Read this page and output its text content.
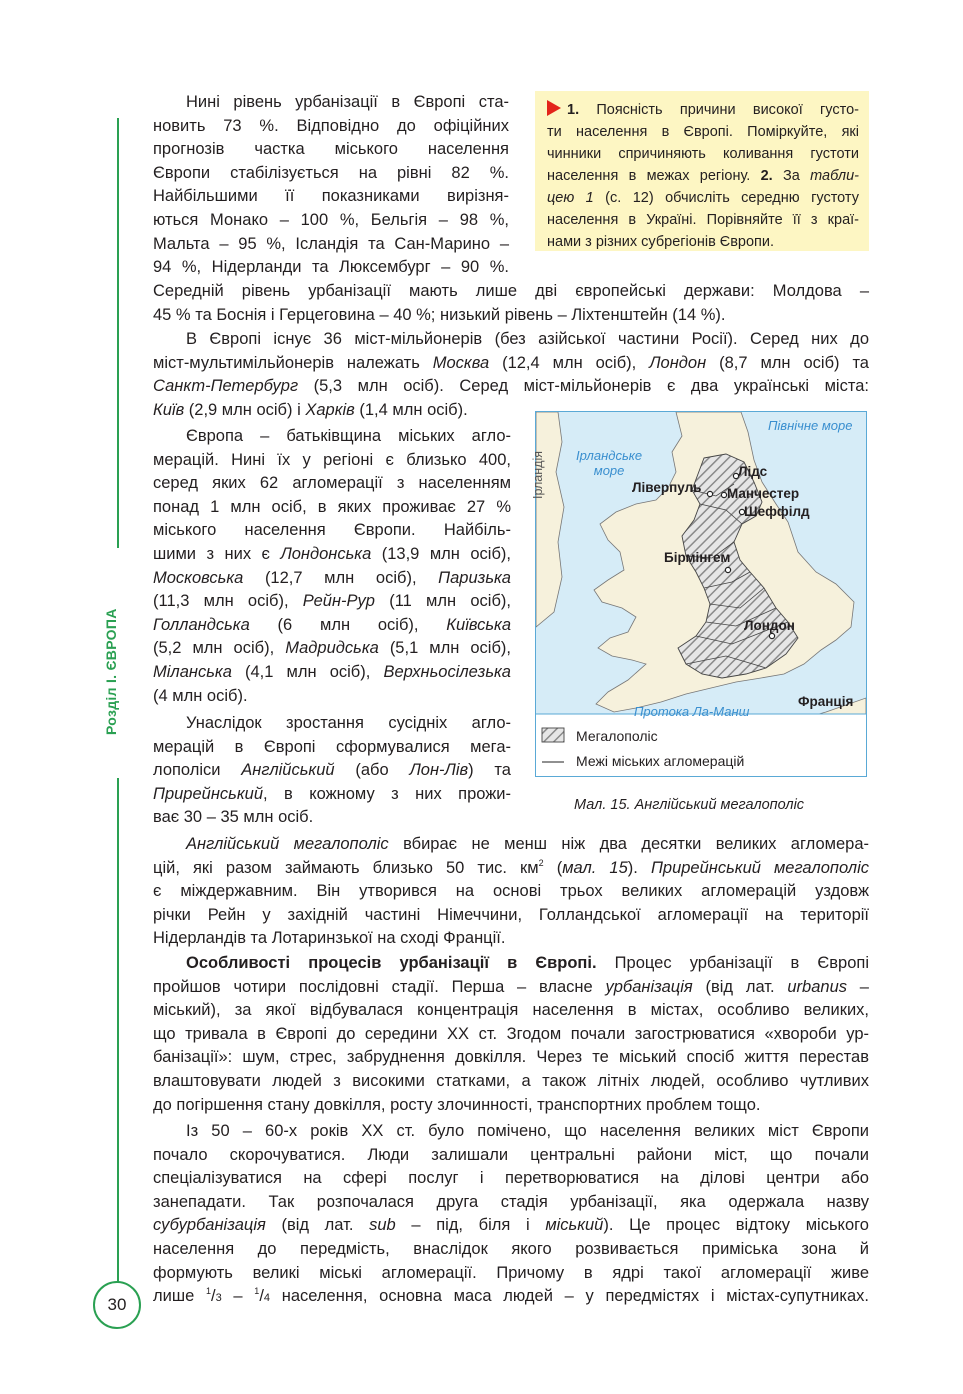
Розділ І. ЄВРОПА
30
1. Поясність причини високої густо-
ти населення в Європі. Поміркуйте, які
чинники спричиняють коливання густоти
населення в межах регіону. 2. За табли-
цею 1 (с. 12) обчисліть середню густоту
населення в Україні. Порівняйте її з краї-
нами з різних субрегіонів Європи.
Нині рівень урбанізації в Європі ста-
новить 73 %. Відповідно до офіційних
прогнозів частка міського населення
Європи стабілізується на рівні 82 %.
Найбільшими її показниками вирізня-
ються Монако – 100 %, Бельгія – 98 %,
Мальта – 95 %, Ісландія та Сан-Марино –
94 %, Нідерланди та Люксембург – 90 %.
Середній рівень урбанізації мають лише дві європейські держави: Молдова –
45 % та Боснія і Герцеговина – 40 %; низький рівень – Ліхтенштейн (14 %).
В Європі існує 36 міст-мільйонерів (без азійської частини Росії). Серед них до
міст-мультимільйонерів належать Москва (12,4 млн осіб), Лондон (8,7 млн осіб) та
Санкт-Петербург (5,3 млн осіб). Серед міст-мільйонерів є два українські міста:
Київ (2,9 млн осіб) і Харків (1,4 млн осіб).
Європа – батьківщина міських агло-
мерацій. Нині їх у регіоні є близько 400,
серед яких 62 агломерації з населенням
понад 1 млн осіб, в яких проживає 27 %
міського населення Європи. Найбіль-
шими з них є Лондонська (13,9 млн осіб),
Московська (12,7 млн осіб), Паризька
(11,3 млн осіб), Рейн-Рур (11 млн осіб),
Голландська (6 млн осіб), Київська
(5,2 млн осіб), Мадридська (5,1 млн осіб),
Міланська (4,1 млн осіб), Верхньосілезька
(4 млн осіб).
Унаслідок зростання сусідніх агло-
мерацій в Європі сформувалися мега-
лополіси Англійський (або Лон-Лів) та
Прирейнський, в кожному з них прожи-
ває 30 – 35 млн осіб.
Північне море
Ірландське
море
Ірландія
Протока Ла-Манш
Франція
Лідс
Ліверпуль Манчестер
Шеффілд
Бірмінгем
Лондон
Мегалополіс
Межі міських агломерацій
Мал. 15. Англійський мегалополіс
Англійський мегалополіс вбирає не менш ніж два десятки великих агломера-
цій, які разом займають близько 50 тис. $км^2$ (мал. 15). Прирейнський мегалополіс
є міждержавним. Він утворився на основі трьох великих агломерацій уздовж
річки Рейн у західній частині Німеччини, Голландської агломерації на території
Нідерландів та Лотаринзької на сході Франції.
Особливості процесів урбанізації в Європі. Процес урбанізації в Європі
пройшов чотири послідовні стадії. Перша – власне урбанізація (від лат. urbanus –
міський), за якої відбувалася концентрація населення в містах, особливо великих,
що тривала в Європі до середини ХХ ст. Згодом почали загострюватися «хвороби ур-
банізації»: шум, стрес, забруднення довкілля. Через те міський спосіб життя перестав
влаштовувати людей з високими статками, а також літніх людей, особливо чутливих
до погіршення стану довкілля, росту злочинності, транспортних проблем тощо.
Із 50 – 60-х років ХХ ст. було помічено, що населення великих міст Європи
почало скорочуватися. Люди залишали центральні райони міст, що почали
спеціалізуватися на сфері послуг і перетворюватися на ділові центри або
занепадати. Так розпочалася друга стадія урбанізації, яка одержала назву
субурбанізація (від лат. sub – під, біля і міський). Це процес відтоку міського
населення до передмість, внаслідок якого розвивається приміська зона й
формують великі міські агломерації. Причому в ядрі такої агломерації живе
лише $^1$/3 – $^1$/4 населення, основна маса людей – у передмістях і містах-супутниках.
